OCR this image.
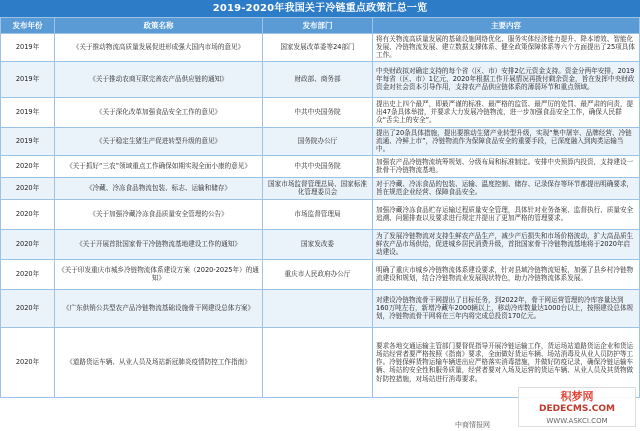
2019-2020年我国关于冷链重点政策汇总一览
发布年份	政策名称	发布部门	主要内容
2019年	《关于推动物流高质量发展促进形成强大国内市场的意见》	国家发展改革委等24部门	将有关物流高质量发展的基础设施网络优化、服务实体经济能力提升、降本增效、智能化发展、冷链物流发展、建立数据支撑体系、健全政策保障体系等六个方面提出了25项具体工作。
2019年	《关于推动农商互联完善农产品供应链的通知》	财政部、商务部	中央财政拟对确定支持的每个省（区、市）安排2亿元资金支持。资金分两年安排，2019年每省（区、市）1亿元，2020年根据工作开展情况再拨付剩余资金，旨在发挥中央财政资金对社会资本引导作用，支持农产品供应链体系的薄弱环节和重点领域。
2019年	《关于深化改革加强食品安全工作的意见》	中共中央国务院	提出史上四个最严，即最严谨的标准、最严格的监管、最严厉的处罚、最严肃的问责，提出47条具体举措，并要求大力发展冷链物流，进一步加强食品安全工作，确保人民群众“舌尖上的安全”。
2019年	《关于稳定生猪生产促进转型升级的意见》	国务院办公厅	提出了20条具体措施，提出要推动生猪产业转型升级，实现“集中屠宰、品牌经营、冷链流通、冷鲜上市”，冷链物流作为保障食品安全的重要手段，已深度融入到肉类运输当中。
2020年	《关于抓好“三农”领域重点工作确保如期实现全面小康的意见》	中共中央国务院	加强农产品冷链物流统筹规划、分级布局和标准制定。安排中央预算内投资，支持建设一批骨干冷链物流基地。
2020年	《冷藏、冷冻食品物流包装、标志、运输和储存》	国家市场监督管理总局、国家标准化管理委员会	对于冷藏、冷冻食品的包装、运输、温度控制、储存、记录保存等环节都提出明确要求，旨在规范企业经营、保障食品安全。
2020年	《关于加强冷藏冷冻食品质量安全管理的公告》	市场监督管理局	加强冷藏冷冻食品贮存运输过程质量安全管理，具体针对业务备案、监督执行、质量安全追溯、问题排查以及要求进行规定并提出了更加严格的管理要求。
2020年	《关于开展首批国家骨干冷链物流基地建设工作的通知》	国家发改委	为了发展冷链物流对支持生鲜农产品生产，减少产后损失和市场价格波动，扩大高品质生鲜农产品市场供给，促进城乡居民消费升级，首批国家骨干冷链物流基地将于2020年启动建设。
2020年	《关于印发重庆市城乡冷链物流体系建设方案（2020-2025年）的通知》	重庆市人民政府办公厅	明确了重庆市城乡冷链物流体系建设要求，针对县域冷链物流短板，加强了县乡村冷链物流建设和规划，结合冷链物流业发展现状特色，助力冷链物流体系发展。
2020年	《广东供销公共型农产品冷链物流基础设施骨干网建设总体方案》		对建设冷链物流骨干网提出了目标任务，到2022年，骨干网运营管理的冷库容量达到160万吨左右，新增冷藏车2000辆以上，移动冷库数量达1000台以上，按照建设总体规划，冷链物流骨干网将在三年内将完成总投资170亿元。
2020年	《道路货运车辆、从业人员及场站新冠肺炎疫情防控工作指南》		要求各地交通运输主管部门要督促指导开展冷链运输工作，货运场站道路货运企业和货运场站经营者要严格按照《指南》要求，全面做好货运车辆、场站消毒及从业人员防护等工作。冷链保鲜货物运输车辆进出应严格落实消毒措施，并做好防疫记录，确保冷链运输车辆、场站的安全性和服务质量，经营者要对入场及运营的货运车辆、从业人员及其货物做好防控措施，对场站进行消毒要求。
积梦网
DEDECMS.COM
WWW.ASKCI.COM
中商情报网
